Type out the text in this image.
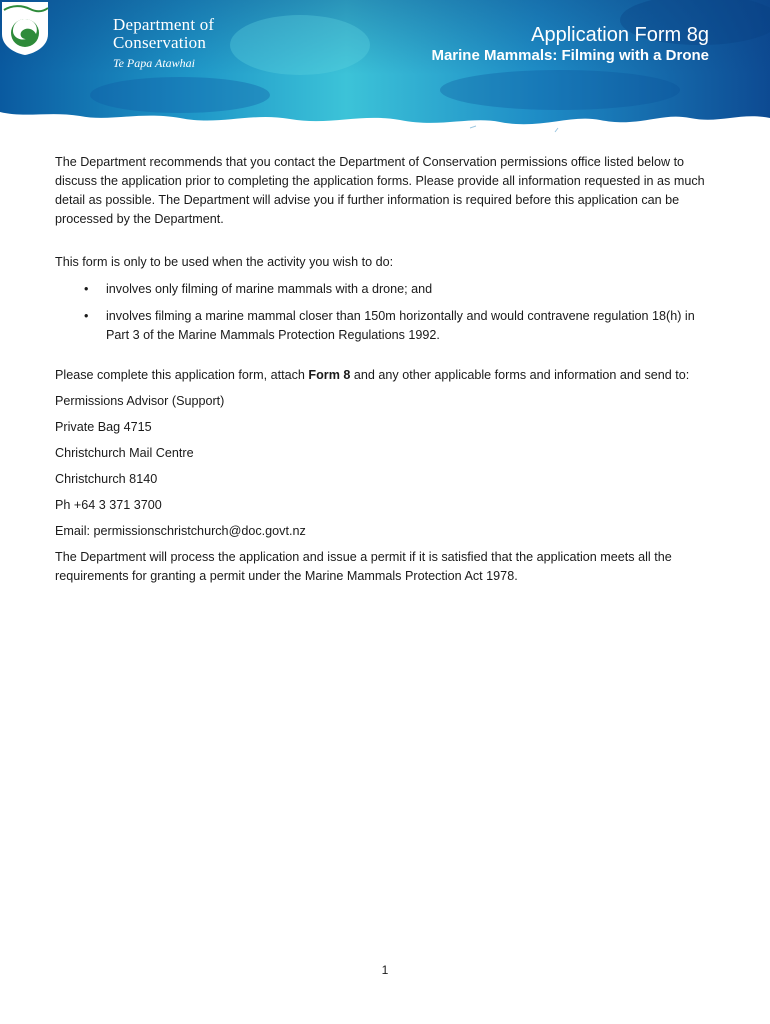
Department of
Conservation
Te Papa Atawhai
Application Form 8g
Marine Mammals: Filming with a Drone

The Department recommends that you contact the Department of Conservation permissions office listed below to discuss the application prior to completing the application forms. Please provide all information requested in as much detail as possible. The Department will advise you if further information is required before this application can be processed by the Department.

This form is only to be used when the activity you wish to do:

• involves only filming of marine mammals with a drone; and
• involves filming a marine mammal closer than 150m horizontally and would contravene regulation 18(h) in Part 3 of the Marine Mammals Protection Regulations 1992.

Please complete this application form, attach Form 8 and any other applicable forms and information and send to:

Permissions Advisor (Support)
Private Bag 4715
Christchurch Mail Centre
Christchurch 8140
Ph +64 3 371 3700
Email: permissionschristchurch@doc.govt.nz

The Department will process the application and issue a permit if it is satisfied that the application meets all the requirements for granting a permit under the Marine Mammals Protection Act 1978.

1
